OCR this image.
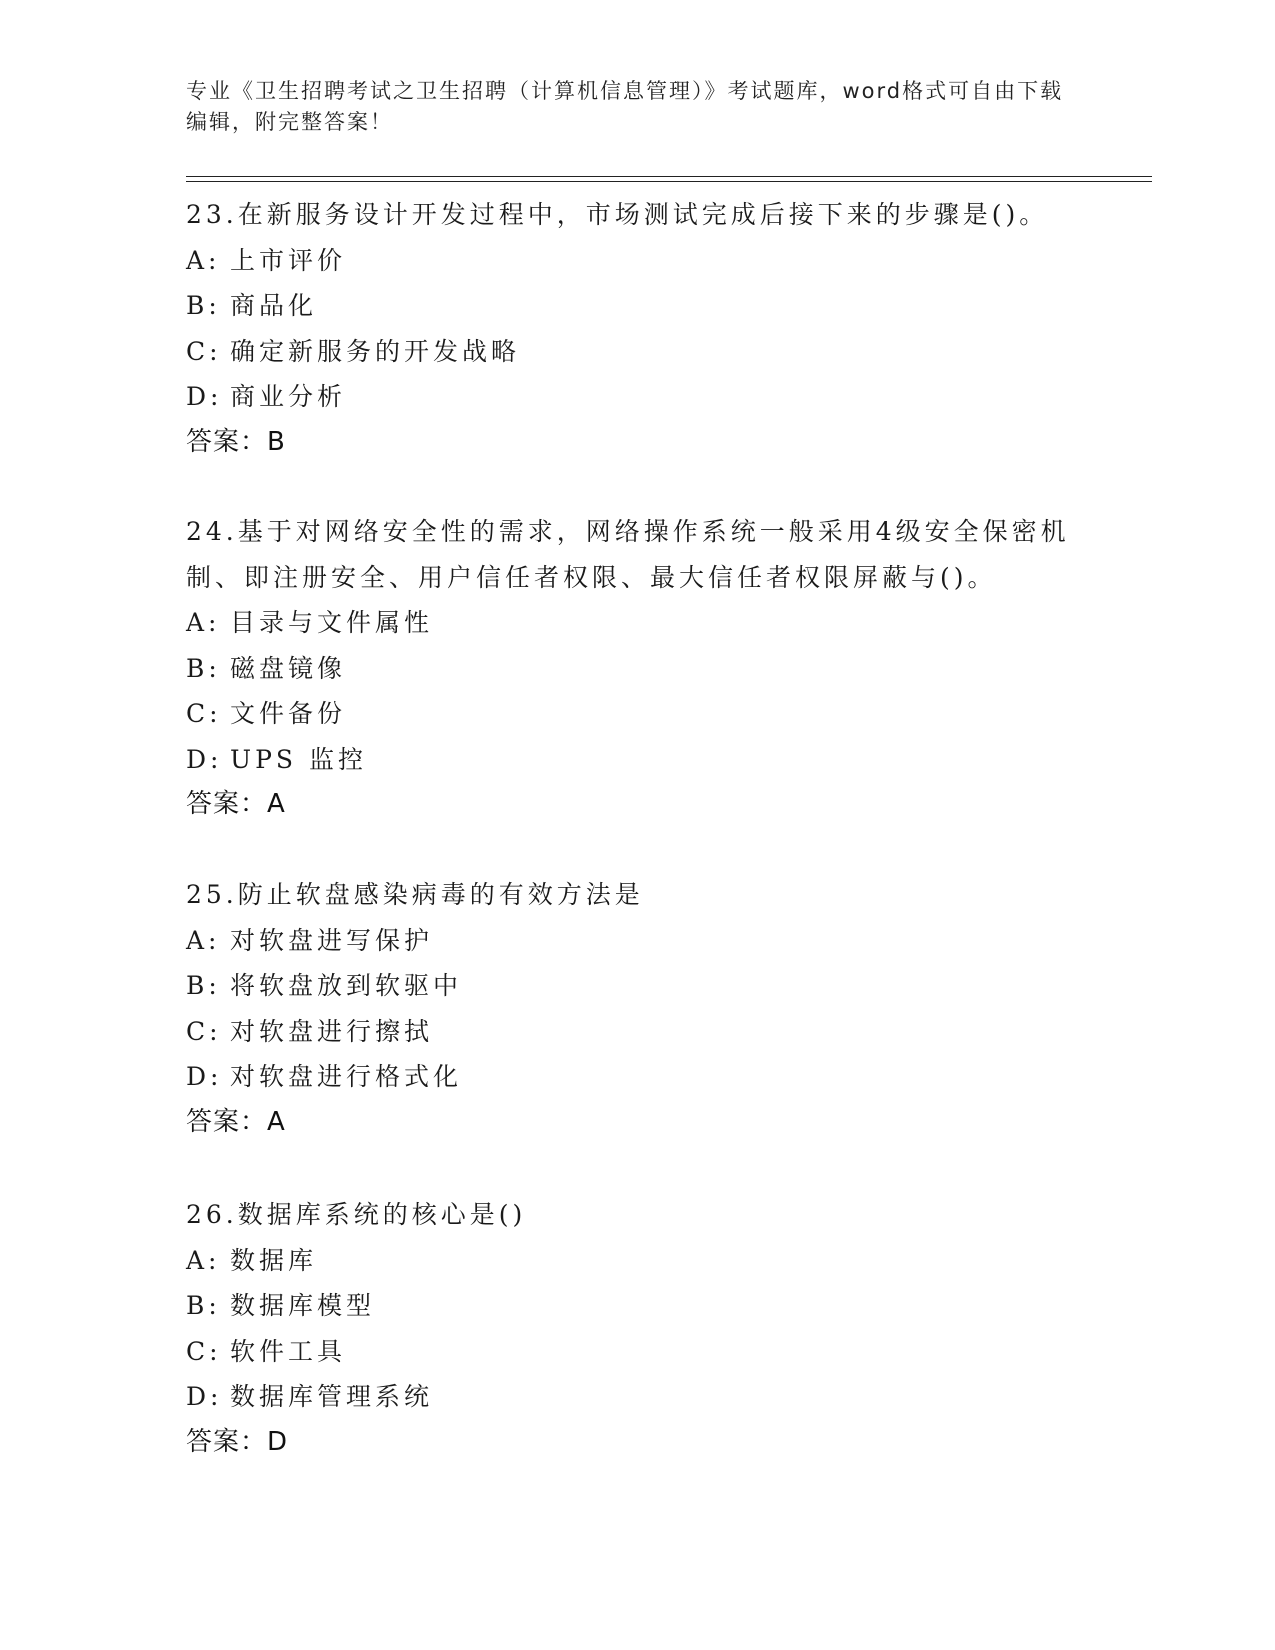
专业《卫生招聘考试之卫生招聘（计算机信息管理）》考试题库，word格式可自由下载编辑，附完整答案！

23.在新服务设计开发过程中，市场测试完成后接下来的步骤是()。

A: 上市评价

B: 商品化

C: 确定新服务的开发战略

D: 商业分析

答案：B

24.基于对网络安全性的需求，网络操作系统一般采用4级安全保密机制、即注册安全、用户信任者权限、最大信任者权限屏蔽与()。

A: 目录与文件属性

B: 磁盘镜像

C: 文件备份

D: UPS 监控

答案：A

25.防止软盘感染病毒的有效方法是

A: 对软盘进写保护

B: 将软盘放到软驱中

C: 对软盘进行擦拭

D: 对软盘进行格式化

答案：A

26.数据库系统的核心是()

A: 数据库

B: 数据库模型

C: 软件工具

D: 数据库管理系统

答案：D
